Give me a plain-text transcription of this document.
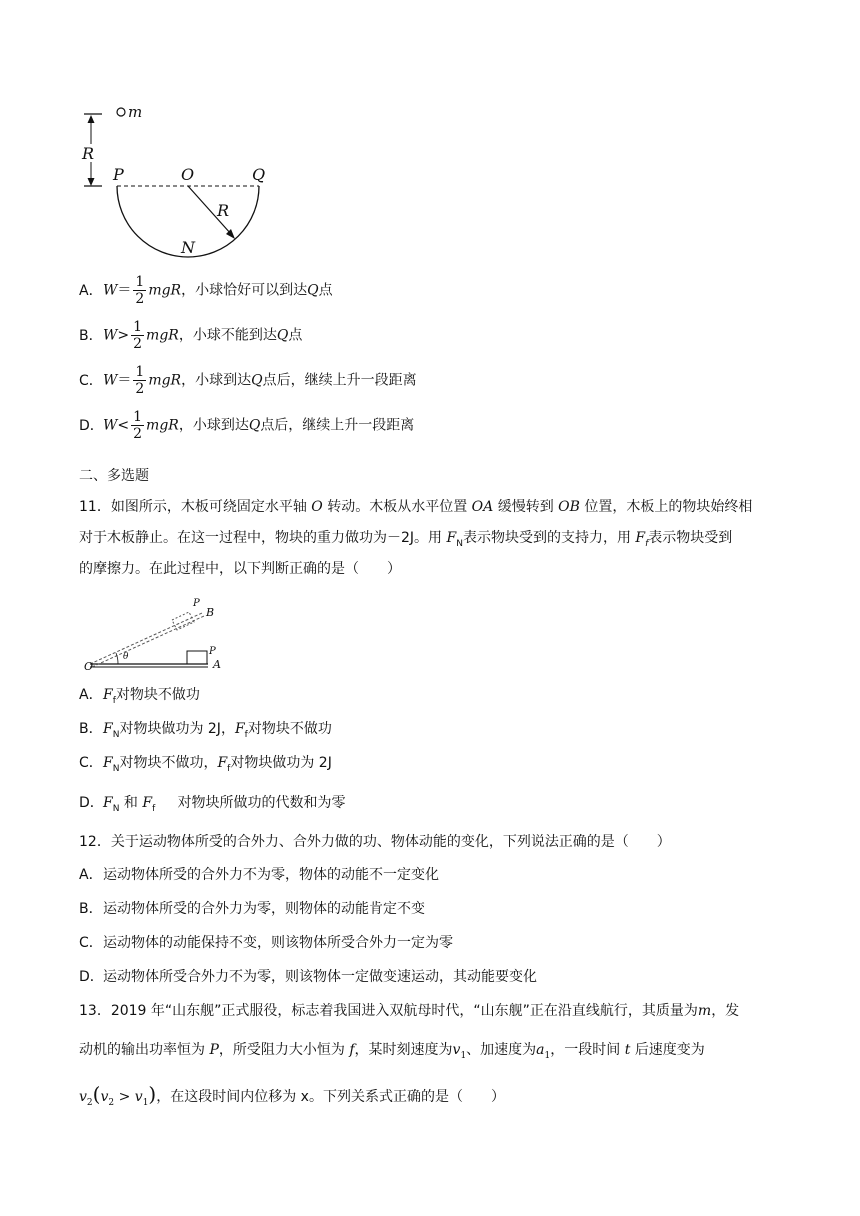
m
R
P	O	Q
R
N
A．$W= \frac{1}{2}$ mgR，小球恰好可以到达Q点
B．$W> \frac{1}{2}$ mgR，小球不能到达Q点
C．$W= \frac{1}{2}$ mgR，小球到达Q点后，继续上升一段距离
D．$W< \frac{1}{2}$ mgR，小球到达Q点后，继续上升一段距离
二、多选题
11．如图所示，木板可绕固定水平轴 O 转动。木板从水平位置 OA 缓慢转到 OB 位置，木板上的物块始终相
对于木板静止。在这一过程中，物块的重力做功为－2J。用 $F_N$表示物块受到的支持力，用 $F_f$表示物块受到
的摩擦力。在此过程中，以下判断正确的是（　　）
P
B
P
O
θ
A
A．$F_f$对物块不做功
B．$F_N$对物块做功为 2J，$F_f$对物块不做功
C．$F_N$对物块不做功，$F_f$对物块做功为 2J
D．$F_N$ 和 $F_f$ 对物块所做功的代数和为零
12．关于运动物体所受的合外力、合外力做的功、物体动能的变化，下列说法正确的是（　　）
A．运动物体所受的合外力不为零，物体的动能不一定变化
B．运动物体所受的合外力为零，则物体的动能肯定不变
C．运动物体的动能保持不变，则该物体所受合外力一定为零
D．运动物体所受合外力不为零，则该物体一定做变速运动，其动能要变化
13．2019 年“山东舰”正式服役，标志着我国进入双航母时代，“山东舰”正在沿直线航行，其质量为m，发
动机的输出功率恒为 P，所受阻力大小恒为 f，某时刻速度为$v_1$、加速度为$a_1$，一段时间 t 后速度变为
$v_2(v_2 > v_1)$，在这段时间内位移为 x。下列关系式正确的是（　　）
